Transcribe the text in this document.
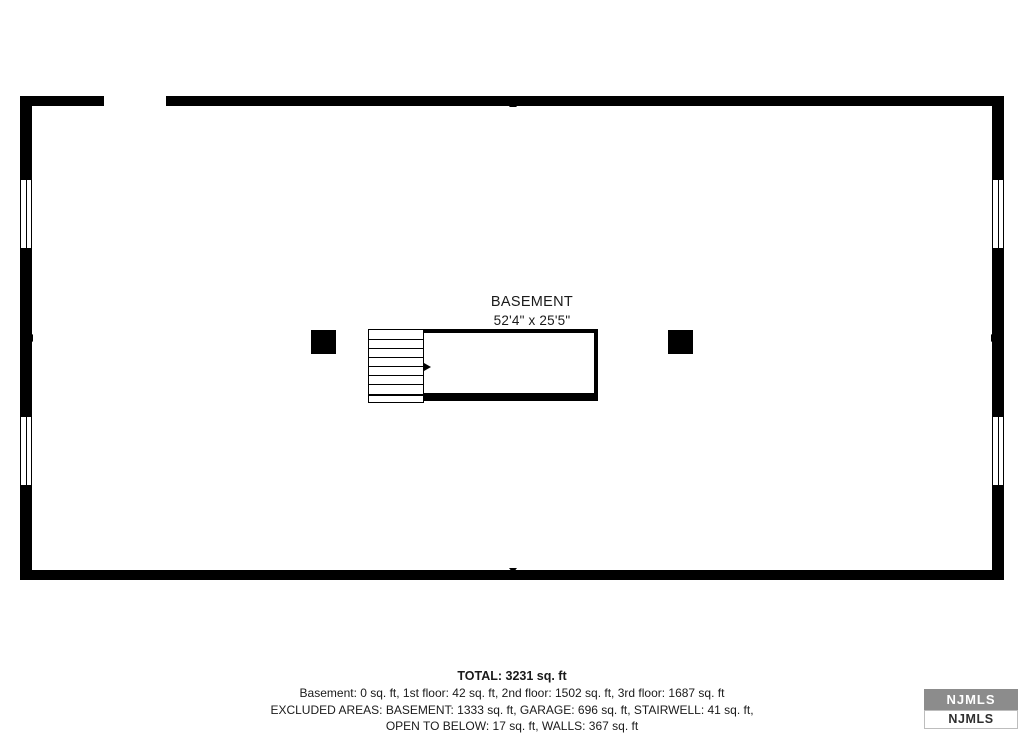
BASEMENT
52'4" x 25'5"
TOTAL: 3231 sq. ft
Basement: 0 sq. ft, 1st floor: 42 sq. ft, 2nd floor: 1502 sq. ft, 3rd floor: 1687 sq. ft
EXCLUDED AREAS: BASEMENT: 1333 sq. ft, GARAGE: 696 sq. ft, STAIRWELL: 41 sq. ft,
OPEN TO BELOW: 17 sq. ft, WALLS: 367 sq. ft
NJMLS
NJMLS
